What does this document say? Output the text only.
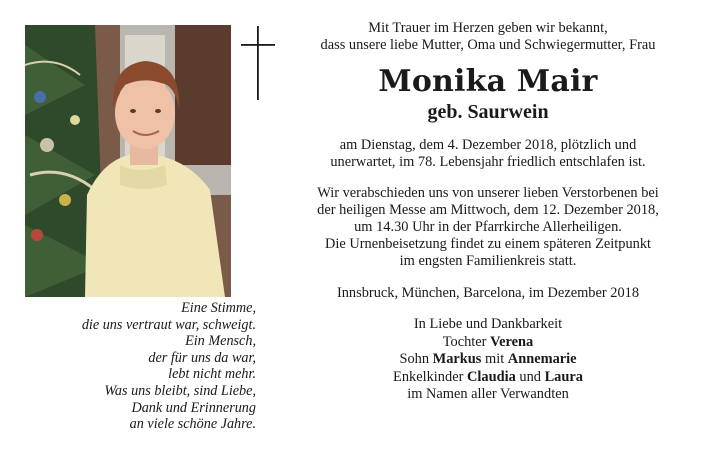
Eine Stimme,
die uns vertraut war, schweigt.
Ein Mensch,
der für uns da war,
lebt nicht mehr.
Was uns bleibt, sind Liebe,
Dank und Erinnerung
an viele schöne Jahre.
Mit Trauer im Herzen geben wir bekannt,
dass unsere liebe Mutter, Oma und Schwiegermutter, Frau
Monika Mair
geb. Saurwein
am Dienstag, dem 4. Dezember 2018, plötzlich und
unerwartet, im 78. Lebensjahr friedlich entschlafen ist.
Wir verabschieden uns von unserer lieben Verstorbenen bei
der heiligen Messe am Mittwoch, dem 12. Dezember 2018,
um 14.30 Uhr in der Pfarrkirche Allerheiligen.
Die Urnenbeisetzung findet zu einem späteren Zeitpunkt
im engsten Familienkreis statt.
Innsbruck, München, Barcelona, im Dezember 2018
In Liebe und Dankbarkeit
Tochter Verena
Sohn Markus mit Annemarie
Enkelkinder Claudia und Laura
im Namen aller Verwandten
